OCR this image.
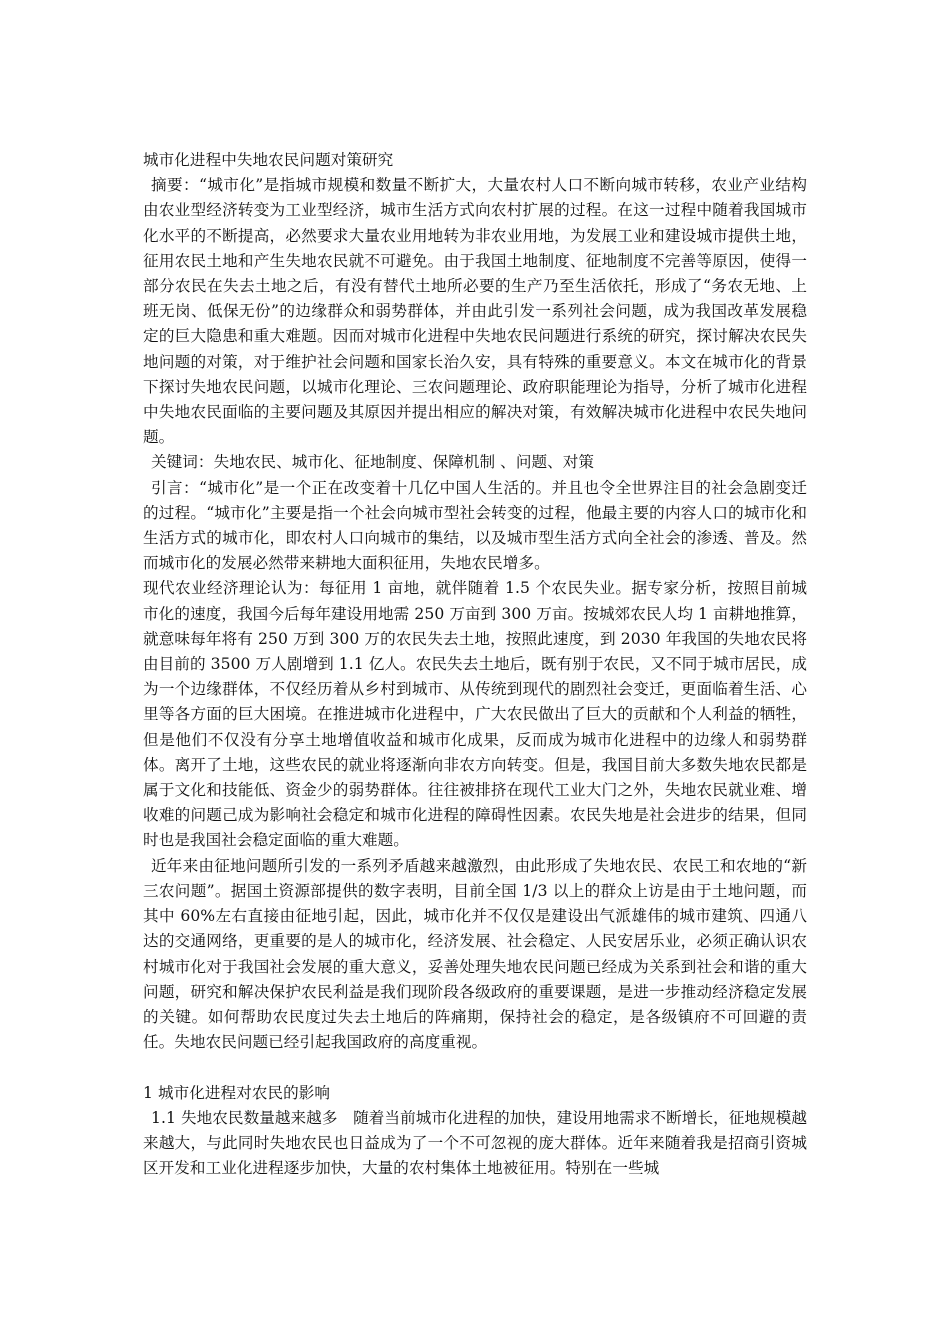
城市化进程中失地农民问题对策研究

摘要：“城市化”是指城市规模和数量不断扩大，大量农村人口不断向城市转移，农业产业结构由农业型经济转变为工业型经济，城市生活方式向农村扩展的过程。在这一过程中随着我国城市化水平的不断提高，必然要求大量农业用地转为非农业用地，为发展工业和建设城市提供土地，征用农民土地和产生失地农民就不可避免。由于我国土地制度、征地制度不完善等原因，使得一部分农民在失去土地之后，有没有替代土地所必要的生产乃至生活依托，形成了“务农无地、上班无岗、低保无份”的边缘群众和弱势群体，并由此引发一系列社会问题，成为我国改革发展稳定的巨大隐患和重大难题。因而对城市化进程中失地农民问题进行系统的研究，探讨解决农民失地问题的对策，对于维护社会问题和国家长治久安，具有特殊的重要意义。本文在城市化的背景下探讨失地农民问题，以城市化理论、三农问题理论、政府职能理论为指导，分析了城市化进程中失地农民面临的主要问题及其原因并提出相应的解决对策，有效解决城市化进程中农民失地问题。

关键词：失地农民、城市化、征地制度、保障机制 、问题、对策

引言：“城市化”是一个正在改变着十几亿中国人生活的。并且也令全世界注目的社会急剧变迁的过程。“城市化”主要是指一个社会向城市型社会转变的过程，他最主要的内容人口的城市化和生活方式的城市化，即农村人口向城市的集结，以及城市型生活方式向全社会的渗透、普及。然而城市化的发展必然带来耕地大面积征用，失地农民增多。

现代农业经济理论认为：每征用 1 亩地，就伴随着 1.5 个农民失业。据专家分析，按照目前城市化的速度，我国今后每年建设用地需 250 万亩到 300 万亩。按城郊农民人均 1 亩耕地推算，就意味每年将有 250 万到 300 万的农民失去土地，按照此速度，到 2030 年我国的失地农民将由目前的 3500 万人剧增到 1.1 亿人。农民失去土地后，既有别于农民，又不同于城市居民，成为一个边缘群体，不仅经历着从乡村到城市、从传统到现代的剧烈社会变迁，更面临着生活、心里等各方面的巨大困境。在推进城市化进程中，广大农民做出了巨大的贡献和个人利益的牺牲，但是他们不仅没有分享土地增值收益和城市化成果，反而成为城市化进程中的边缘人和弱势群体。离开了土地，这些农民的就业将逐渐向非农方向转变。但是，我国目前大多数失地农民都是属于文化和技能低、资金少的弱势群体。往往被排挤在现代工业大门之外，失地农民就业难、增收难的问题己成为影响社会稳定和城市化进程的障碍性因素。农民失地是社会进步的结果，但同时也是我国社会稳定面临的重大难题。

近年来由征地问题所引发的一系列矛盾越来越激烈，由此形成了失地农民、农民工和农地的“新三农问题”。据国土资源部提供的数字表明，目前全国 1/3 以上的群众上访是由于土地问题，而其中 60%左右直接由征地引起，因此，城市化并不仅仅是建设出气派雄伟的城市建筑、四通八达的交通网络，更重要的是人的城市化，经济发展、社会稳定、人民安居乐业，必须正确认识农村城市化对于我国社会发展的重大意义，妥善处理失地农民问题已经成为关系到社会和谐的重大问题，研究和解决保护农民利益是我们现阶段各级政府的重要课题，是进一步推动经济稳定发展的关键。如何帮助农民度过失去土地后的阵痛期，保持社会的稳定，是各级镇府不可回避的责任。失地农民问题已经引起我国政府的高度重视。

1 城市化进程对农民的影响

1.1 失地农民数量越来越多　随着当前城市化进程的加快，建设用地需求不断增长，征地规模越来越大，与此同时失地农民也日益成为了一个不可忽视的庞大群体。近年来随着我是招商引资城区开发和工业化进程逐步加快，大量的农村集体土地被征用。特别在一些城
